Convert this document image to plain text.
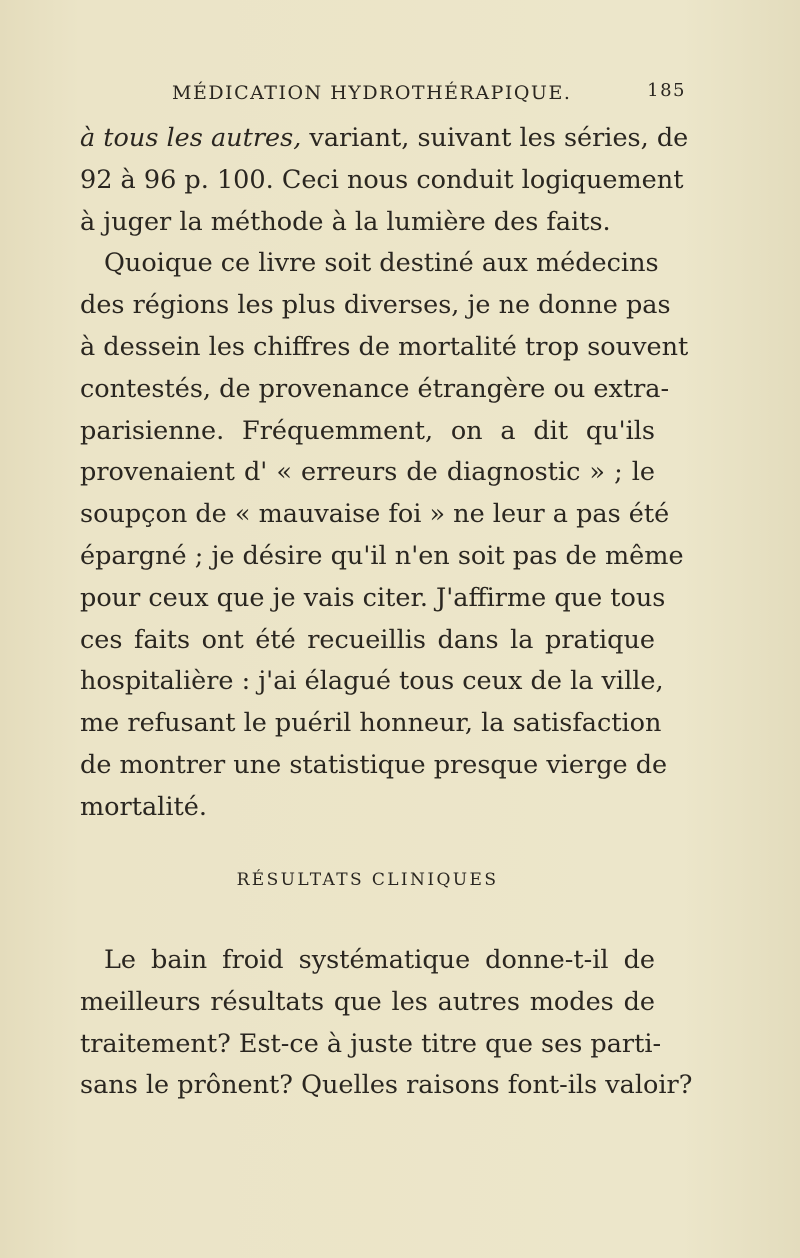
MÉDICATION HYDROTHÉRAPIQUE.	185
à tous les autres, variant, suivant les séries, de
92 à 96 p. 100. Ceci nous conduit logiquement
à juger la méthode à la lumière des faits.
Quoique ce livre soit destiné aux médecins
des régions les plus diverses, je ne donne pas
à dessein les chiffres de mortalité trop souvent
contestés, de provenance étrangère ou extra-
parisienne. Fréquemment, on a dit qu'ils
provenaient d' « erreurs de diagnostic » ; le
soupçon de « mauvaise foi » ne leur a pas été
épargné ; je désire qu'il n'en soit pas de même
pour ceux que je vais citer. J'affirme que tous
ces faits ont été recueillis dans la pratique
hospitalière : j'ai élagué tous ceux de la ville,
me refusant le puéril honneur, la satisfaction
de montrer une statistique presque vierge de
mortalité.
RÉSULTATS CLINIQUES
Le bain froid systématique donne-t-il de
meilleurs résultats que les autres modes de
traitement? Est-ce à juste titre que ses parti-
sans le prônent? Quelles raisons font-ils valoir?
